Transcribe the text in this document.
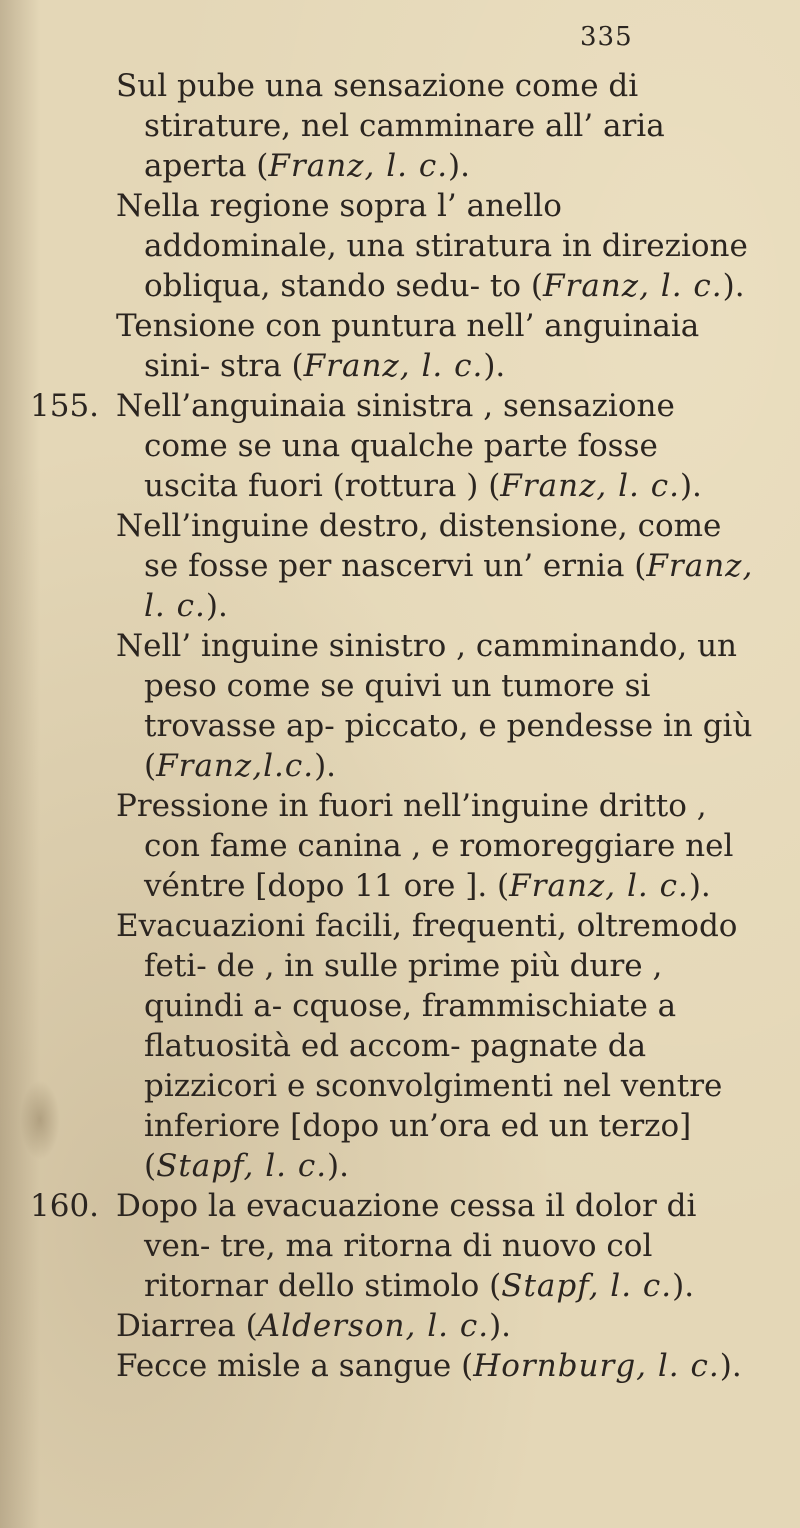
335

Sul pube una sensazione come di stirature, nel camminare all’ aria aperta (Franz, l. c.).

Nella regione sopra l’ anello addominale, una stiratura in direzione obliqua, stando sedu- to (Franz, l. c.).

Tensione con puntura nell’ anguinaia sini- stra (Franz, l. c.).

155. Nell’anguinaia sinistra , sensazione come se una qualche parte fosse uscita fuori (rottura ) (Franz, l. c.).

Nell’inguine destro, distensione, come se fosse per nascervi un’ ernia (Franz, l. c.).

Nell’ inguine sinistro , camminando, un peso come se quivi un tumore si trovasse ap- piccato, e pendesse in giù (Franz,l.c.).

Pressione in fuori nell’inguine dritto , con fame canina , e romoreggiare nel véntre [dopo 11 ore ]. (Franz, l. c.).

Evacuazioni facili, frequenti, oltremodo feti- de , in sulle prime più dure , quindi a- cquose, frammischiate a flatuosità ed accom- pagnate da pizzicori e sconvolgimenti nel ventre inferiore [dopo un’ora ed un terzo] (Stapf, l. c.).

160. Dopo la evacuazione cessa il dolor di ven- tre, ma ritorna di nuovo col ritornar dello stimolo (Stapf, l. c.).

Diarrea (Alderson, l. c.).

Fecce misle a sangue (Hornburg, l. c.).
